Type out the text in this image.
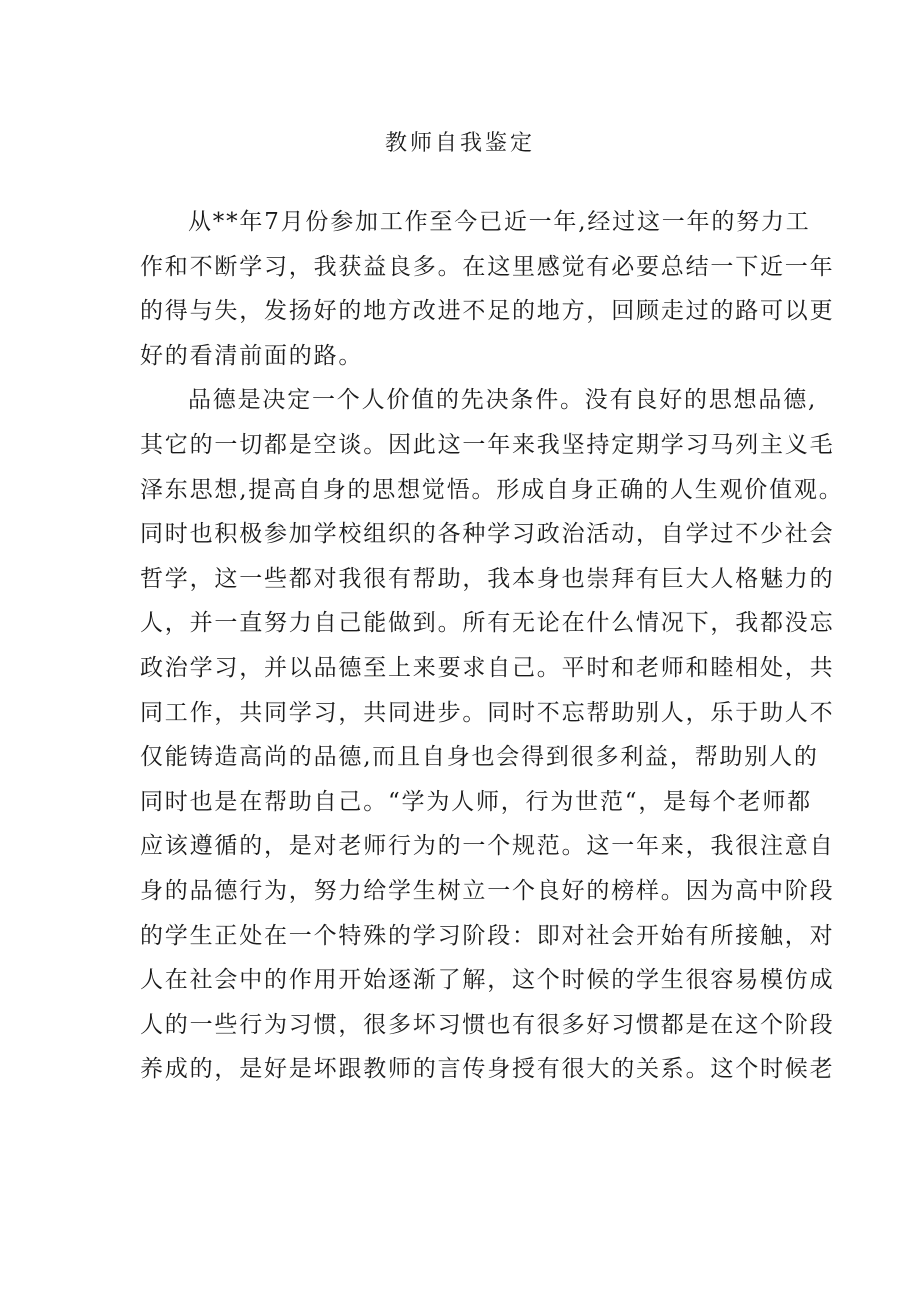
教师自我鉴定
从**年7月份参加工作至今已近一年,经过这一年的努力工
作和不断学习，我获益良多。在这里感觉有必要总结一下近一年
的得与失，发扬好的地方改进不足的地方，回顾走过的路可以更
好的看清前面的路。
品德是决定一个人价值的先决条件。没有良好的思想品德,
其它的一切都是空谈。因此这一年来我坚持定期学习马列主义毛
泽东思想,提高自身的思想觉悟。形成自身正确的人生观价值观。
同时也积极参加学校组织的各种学习政治活动，自学过不少社会
哲学，这一些都对我很有帮助，我本身也崇拜有巨大人格魅力的
人，并一直努力自己能做到。所有无论在什么情况下，我都没忘
政治学习，并以品德至上来要求自己。平时和老师和睦相处，共
同工作，共同学习，共同进步。同时不忘帮助别人，乐于助人不
仅能铸造高尚的品德,而且自身也会得到很多利益，帮助别人的
同时也是在帮助自己。“学为人师，行为世范“，是每个老师都
应该遵循的，是对老师行为的一个规范。这一年来，我很注意自
身的品德行为，努力给学生树立一个良好的榜样。因为高中阶段
的学生正处在一个特殊的学习阶段：即对社会开始有所接触，对
人在社会中的作用开始逐渐了解，这个时候的学生很容易模仿成
人的一些行为习惯，很多坏习惯也有很多好习惯都是在这个阶段
养成的，是好是坏跟教师的言传身授有很大的关系。这个时候老
